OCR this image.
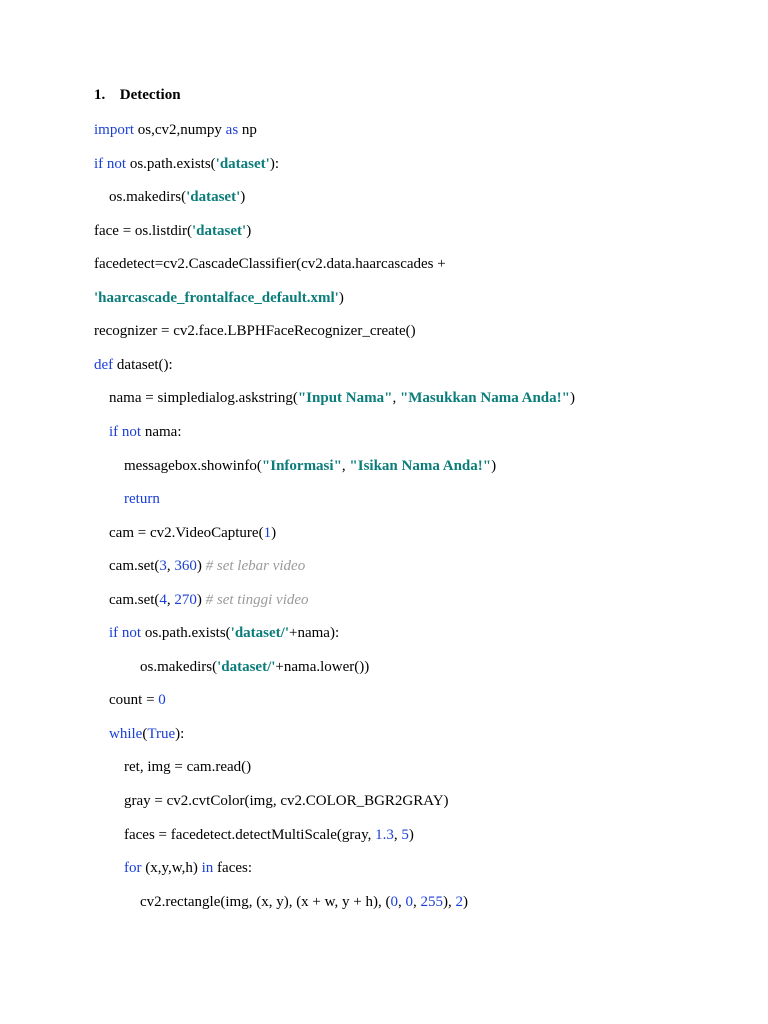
1. Detection
import os,cv2,numpy as np
if not os.path.exists('dataset'):
os.makedirs('dataset')
face = os.listdir('dataset')
facedetect=cv2.CascadeClassifier(cv2.data.haarcascades +
'haarcascade_frontalface_default.xml')
recognizer = cv2.face.LBPHFaceRecognizer_create()
def dataset():
nama = simpledialog.askstring("Input Nama", "Masukkan Nama Anda!")
if not nama:
messagebox.showinfo("Informasi", "Isikan Nama Anda!")
return
cam = cv2.VideoCapture(1)
cam.set(3, 360) # set lebar video
cam.set(4, 270) # set tinggi video
if not os.path.exists('dataset/'+nama):
os.makedirs('dataset/'+nama.lower())
count = 0
while(True):
ret, img = cam.read()
gray = cv2.cvtColor(img, cv2.COLOR_BGR2GRAY)
faces = facedetect.detectMultiScale(gray, 1.3, 5)
for (x,y,w,h) in faces:
cv2.rectangle(img, (x, y), (x + w, y + h), (0, 0, 255), 2)
